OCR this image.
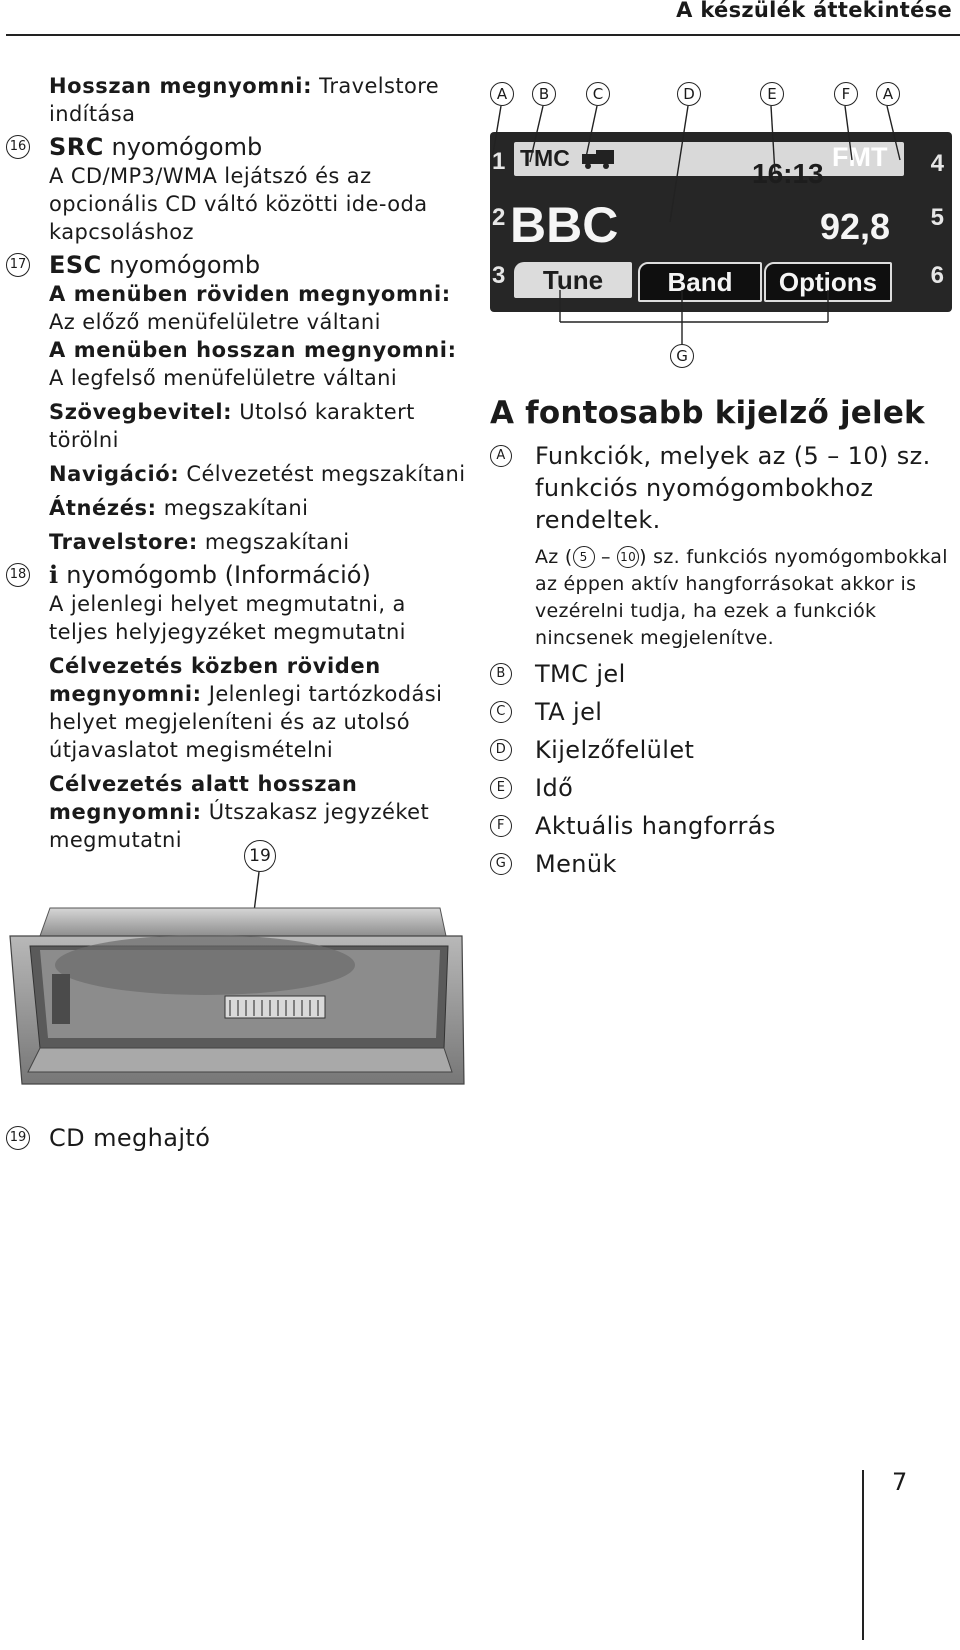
A készülék áttekintése
Hosszan megnyomni: Travelstore indítása
16 SRC nyomógomb
A CD/MP3/WMA lejátszó és az opcionális CD váltó közötti ide-oda kapcsoláshoz
17 ESC nyomógomb
A menüben röviden megnyomni:
Az előző menüfelületre váltani
A menüben hosszan megnyomni:
A legfelső menüfelületre váltani
Szövegbevitel: Utolsó karaktert törölni
Navigáció: Célvezetést megszakítani
Átnézés: megszakítani
Travelstore: megszakítani
18 i nyomógomb (Információ)
A jelenlegi helyet megmutatni, a teljes helyjegyzéket megmutatni
Célvezetés közben röviden megnyomni: Jelenlegi tartózkodási helyet megjeleníteni és az utolsó útjavaslatot megismételni
Célvezetés alatt hosszan megnyomni: Útszakasz jegyzéket megmutatni
A	B	C	D	E	F	A
1
2
3
4
5
6
TMC	16:13
FMT
BBC	92,8
Tune	Band	Options
G
A fontosabb kijelző jelek
A Funkciók, melyek az (5 – 10) sz. funkciós nyomógombokhoz rendeltek.
Az ( 5 – 10 ) sz. funkciós nyomógombokkal az éppen aktív hangforrásokat akkor is vezérelni tudja, ha ezek a funkciók nincsenek megjelenítve.
B TMC jel
C TA jel
D Kijelzőfelület
E Idő
F Aktuális hangforrás
G Menük
19
19 CD meghajtó
7
